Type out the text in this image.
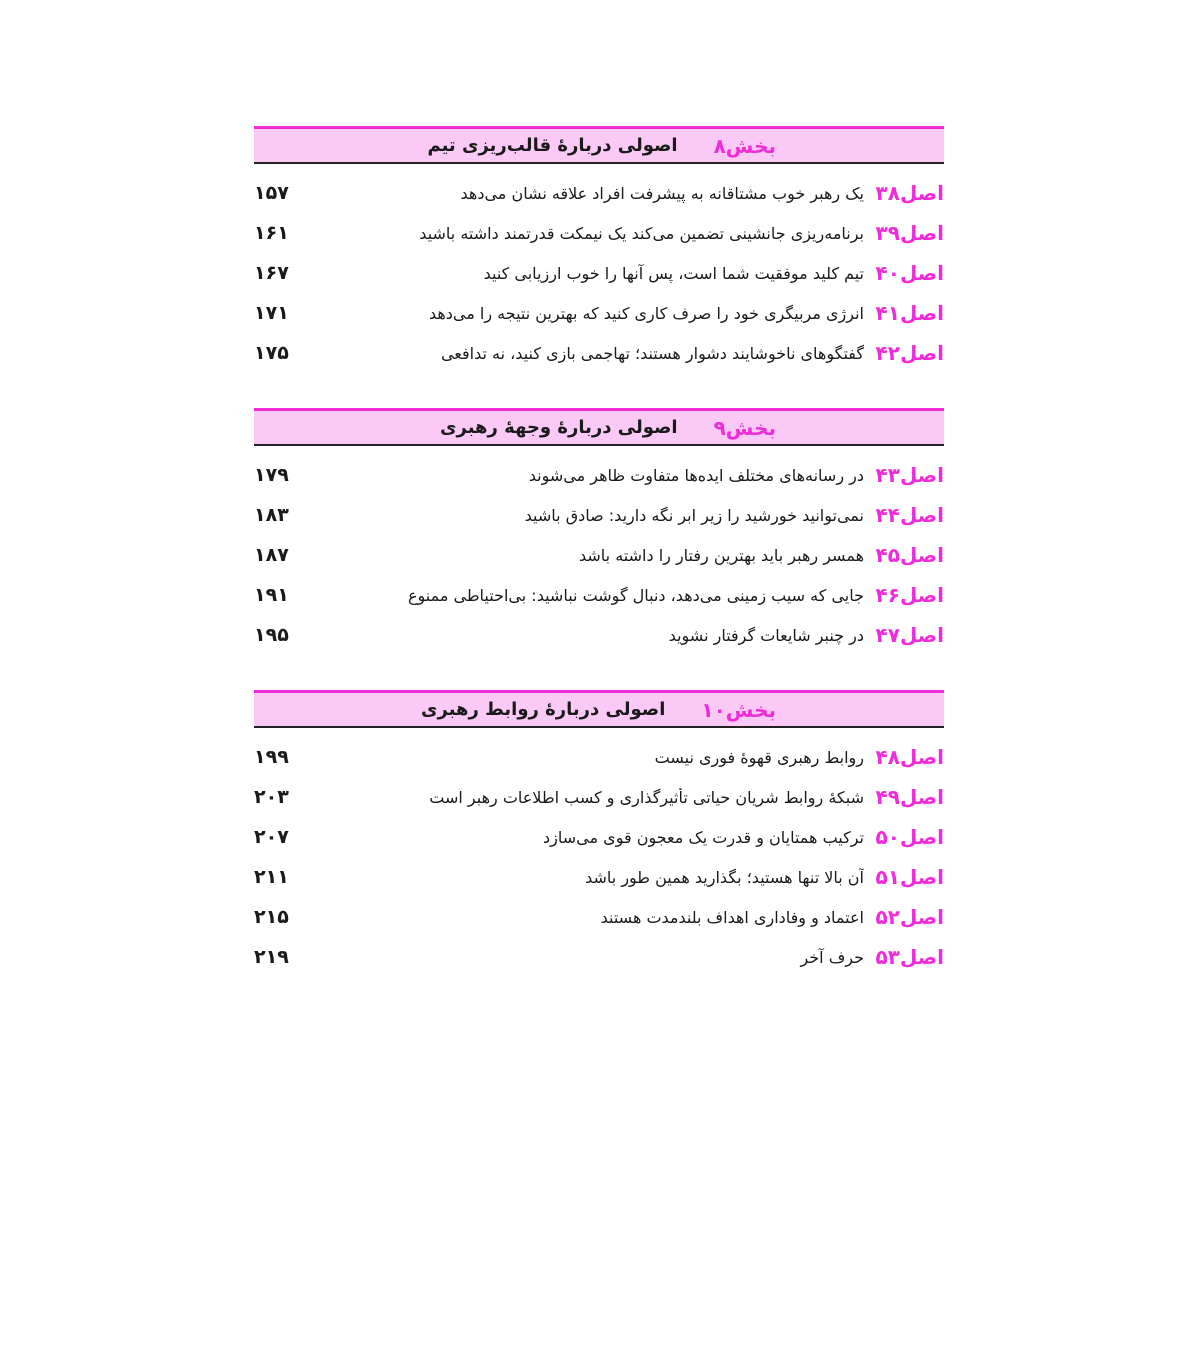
بخش۸
اصولی دربارهٔ قالب‌ریزی تیم
اصل۳۸
یک رهبر خوب مشتاقانه به پیشرفت افراد علاقه نشان می‌دهد
۱۵۷
اصل۳۹
برنامه‌ریزی جانشینی تضمین می‌کند یک نیمکت قدرتمند داشته باشید
۱۶۱
اصل۴۰
تیم کلید موفقیت شما است، پس آنها را خوب ارزیابی کنید
۱۶۷
اصل۴۱
انرژی مربیگری خود را صرف کاری کنید که بهترین نتیجه را می‌دهد
۱۷۱
اصل۴۲
گفتگوهای ناخوشایند دشوار هستند؛ تهاجمی بازی کنید، نه تدافعی
۱۷۵
بخش۹
اصولی دربارهٔ وجههٔ رهبری
اصل۴۳
در رسانه‌های مختلف ایده‌ها متفاوت ظاهر می‌شوند
۱۷۹
اصل۴۴
نمی‌توانید خورشید را زیر ابر نگه دارید: صادق باشید
۱۸۳
اصل۴۵
همسر رهبر باید بهترین رفتار را داشته باشد
۱۸۷
اصل۴۶
جایی که سیب زمینی می‌دهد، دنبال گوشت نباشید: بی‌احتیاطی ممنوع
۱۹۱
اصل۴۷
در چنبر شایعات گرفتار نشوید
۱۹۵
بخش۱۰
اصولی دربارهٔ روابط رهبری
اصل۴۸
روابط رهبری قهوهٔ فوری نیست
۱۹۹
اصل۴۹
شبکهٔ روابط شریان حیاتی تأثیرگذاری و کسب اطلاعات رهبر است
۲۰۳
اصل۵۰
ترکیب همتایان و قدرت یک معجون قوی می‌سازد
۲۰۷
اصل۵۱
آن بالا تنها هستید؛ بگذارید همین طور باشد
۲۱۱
اصل۵۲
اعتماد و وفاداری اهداف بلندمدت هستند
۲۱۵
اصل۵۳
حرف آخر
۲۱۹
